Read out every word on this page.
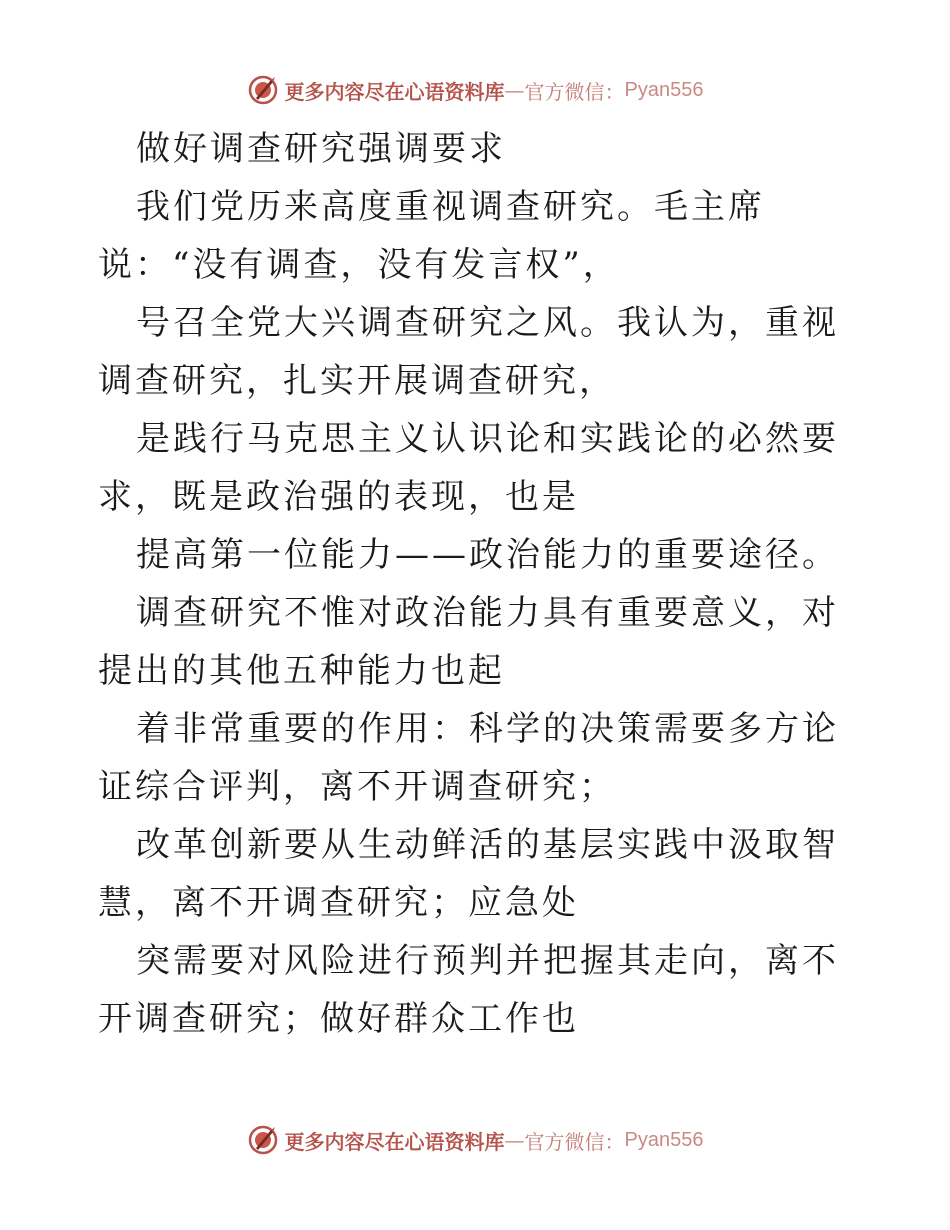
更多内容尽在心语资料库 — 官方微信： Pyan556

做好调查研究强调要求

我们党历来高度重视调查研究。毛主席说：“没有调查，没有发言权”，

号召全党大兴调查研究之风。我认为，重视调查研究，扎实开展调查研究，

是践行马克思主义认识论和实践论的必然要求，既是政治强的表现，也是

提高第一位能力——政治能力的重要途径。

调查研究不惟对政治能力具有重要意义，对提出的其他五种能力也起

着非常重要的作用：科学的决策需要多方论证综合评判，离不开调查研究；

改革创新要从生动鲜活的基层实践中汲取智慧，离不开调查研究；应急处

突需要对风险进行预判并把握其走向，离不开调查研究；做好群众工作也

更多内容尽在心语资料库 — 官方微信： Pyan556
